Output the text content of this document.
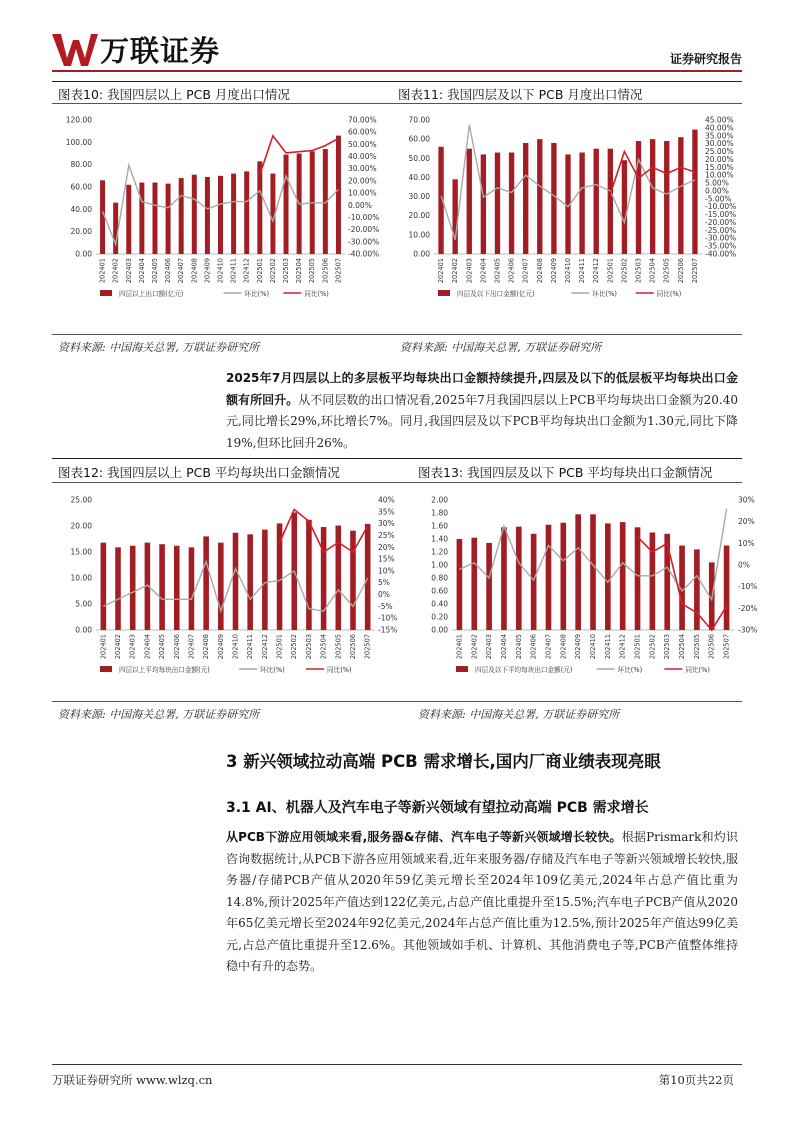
万联证券	证券研究报告
图表10: 我国四层以上 PCB 月度出口情况	图表11: 我国四层及以下 PCB 月度出口情况
0.00
20.00
40.00
60.00
80.00
100.00
120.00
-40.00%
-30.00%
-20.00%
-10.00%
0.00%
10.00%
20.00%
30.00%
40.00%
50.00%
60.00%
70.00%
202401 202402 202403 202404 202405 202406 202407 202408 202409 202410 202411 202412 202501 202502 202503 202504 202505 202506 202507
四层以上出口额(亿元)	环比(%)	同比(%)
0.00
10.00
20.00
30.00
40.00
50.00
60.00
70.00
-40.00%
-35.00%
-30.00%
-25.00%
-20.00%
-15.00%
-10.00%
-5.00%
0.00%
5.00%
10.00%
15.00%
20.00%
25.00%
30.00%
35.00%
40.00%
45.00%
202401 202402 202403 202404 202405 202406 202407 202408 202409 202410 202411 202412 202501 202502 202503 202504 202505 202506 202507
四层及以下出口金额(亿元)	环比(%)	同比(%)
资料来源: 中国海关总署, 万联证券研究所	资料来源: 中国海关总署, 万联证券研究所
2025年7月四层以上的多层板平均每块出口金额持续提升,四层及以下的低层板平均每块出口金额有所回升。从不同层数的出口情况看,2025年7月我国四层以上PCB平均每块出口金额为20.40元,同比增长29%,环比增长7%。同月,我国四层及以下PCB平均每块出口金额为1.30元,同比下降19%,但环比回升26%。
图表12: 我国四层以上 PCB 平均每块出口金额情况	图表13: 我国四层及以下 PCB 平均每块出口金额情况
0.00
5.00
10.00
15.00
20.00
25.00
-15%
-10%
-5%
0%
5%
10%
15%
20%
25%
30%
35%
40%
202401 202402 202403 202404 202405 202406 202407 202408 202409 202410 202411 202412 202501 202502 202503 202504 202505 202506 202507
四层以上平均每块出口金额(元)	环比(%)	同比(%)
0.00
0.20
0.40
0.60
0.80
1.00
1.20
1.40
1.60
1.80
2.00
-30%
-20%
-10%
0%
10%
20%
30%
202401 202402 202403 202404 202405 202406 202407 202408 202409 202410 202411 202412 202501 202502 202503 202504 202505 202506 202507
四层及以下平均每块出口金额(元)	环比(%)	同比(%)
资料来源: 中国海关总署, 万联证券研究所	资料来源: 中国海关总署, 万联证券研究所
3 新兴领域拉动高端 PCB 需求增长,国内厂商业绩表现亮眼
3.1 AI、机器人及汽车电子等新兴领域有望拉动高端 PCB 需求增长
从PCB下游应用领域来看,服务器&存储、汽车电子等新兴领域增长较快。根据Prismark和灼识咨询数据统计,从PCB下游各应用领域来看,近年来服务器/存储及汽车电子等新兴领域增长较快,服务器/存储PCB产值从2020年59亿美元增长至2024年109亿美元,2024年占总产值比重为14.8%,预计2025年产值达到122亿美元,占总产值比重提升至15.5%;汽车电子PCB产值从2020年65亿美元增长至2024年92亿美元,2024年占总产值比重为12.5%,预计2025年产值达99亿美元,占总产值比重提升至12.6%。其他领域如手机、计算机、其他消费电子等,PCB产值整体维持稳中有升的态势。
万联证券研究所 www.wlzq.cn	第10页共22页
